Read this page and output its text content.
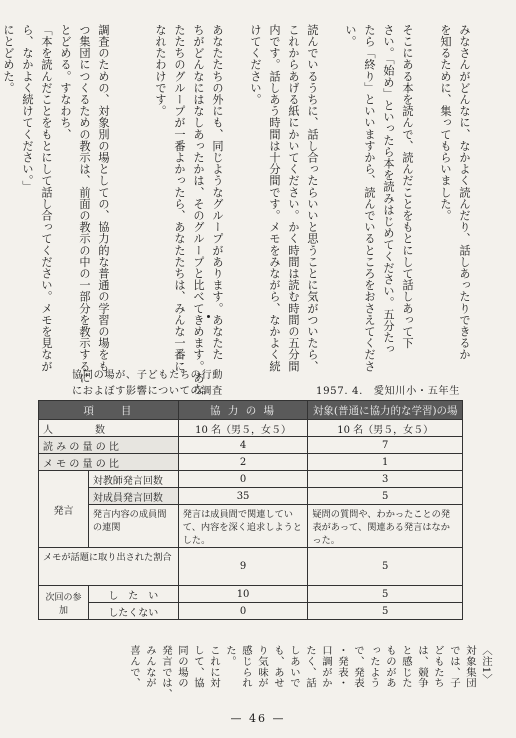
みなさんがどんなに、なかよく読んだり、話しあったりできるか

を知るために、集ってもらいました。

そこにある本を読んで、読んだことをもとにして話しあって下

さい。「始め」といったら本を読みはじめてください。五分たっ

たら「終り」といいますから、読んでいるところをおさえてくださ

い。

読んでいるうちに、話し合ったらいいと思うことに気がついたら、

これからあげる紙にかいてください。かく時間は読む時間の五分間

内です。話しあう時間は十分間です。メモをみながら、なかよく続

けてください。

あなたたちの外にも、同じようなグループがあります。あなたた

ちがどんなにはなしあったかは、そのグループと比べてきめます。あな

たたちのグループが一番よかったら、あなたたちは、みんな一番に

なれたわけです。

調査のための、対象別の場としての、協力的な普通の学習の場をも

つ集団につくるための教示は、前面の教示の中の一部分を教示するに

とどめる。すなわち、

「本を読んだことをもとにして話し合ってください。メモを見なが

ら、なかよく続けてください。」

にとどめた。

協同の場が、子どもたちの行動
におよぼす影響についての調査	1957. 4.　愛知川小・五年生
項　　目		協 力 の 場	対象(普通に協力的な学習)の場
人　　　数		10 名（男５，女５）	10 名（男５，女５）
読 み の 量 の 比		4	7
メ モ の 量 の 比		2	1
発言	対教師発言回数	0	3
	対成員発言回数	35	5
	発言内容の成員間の連関	発言は成員間で関連していて、内容を深く追求しようとした。	疑問の質問や、わかったことの発表があって、関連ある発言はなかった。
メモが話題に取り出された割合		9	5
次回の参加	し　た　い	10	5
	したくない	0	5

〈注1〉

対象集団

では、子

どもたち

は、競争

と感じた

ものがあ

ったよう

で、発表

・発表・

口調がか

たく、話

しあいで

も、あせ

り気味が

感じられ

た。

これに対

して、協

同の場の

発言では、

みんなが

喜んで、

— 46 —
